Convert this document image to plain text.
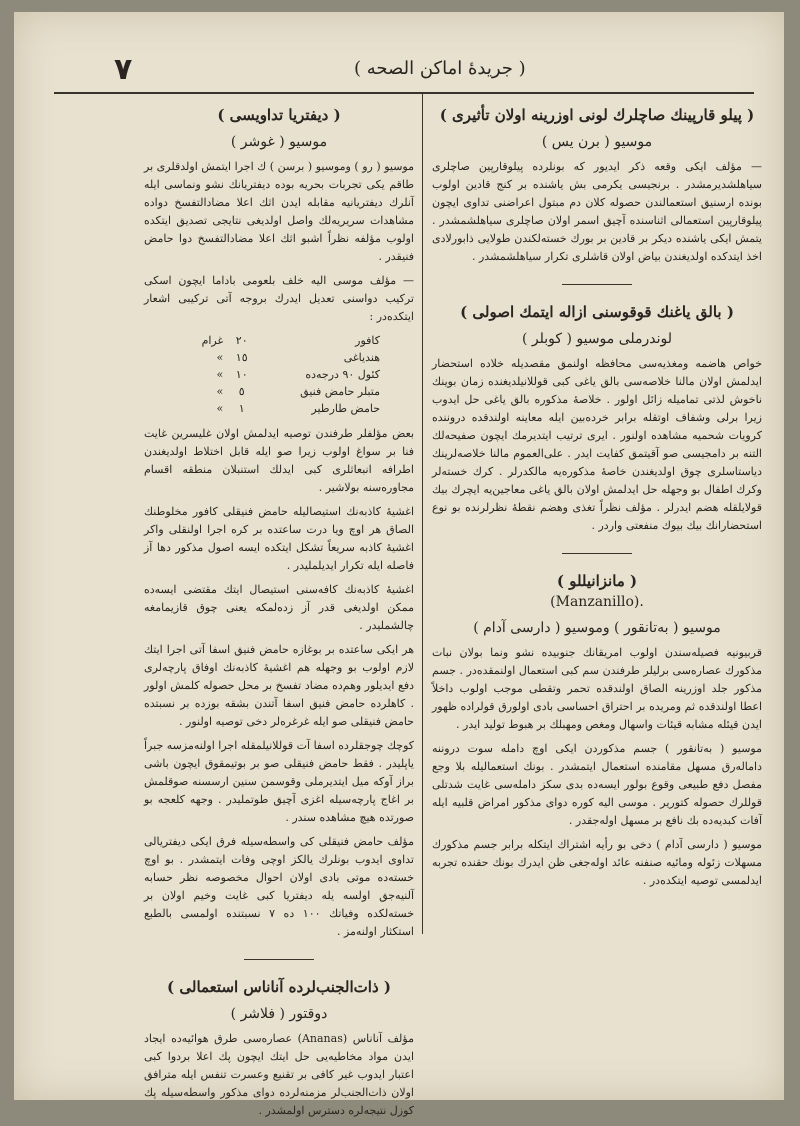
۷	( جریدۀ اماكن الصحه )
( پیلو قارپینك صاچلرك لونی اوزرینه اولان تأثیری )
موسیو ( برن یس )

— مؤلف ایكی وقعه ذكر ایدیور كه بونلرده پیلوقارپین صاچلری سیاهلشدیرمشدر . برنجیسی یكرمی بش یاشنده بر كنج قادین اولوب بونده ارسنیق استعمالندن حصوله كلان دم مبتول اعراضنی تداوی ایچون پیلوقارپین استعمالی اثناسنده آچیق اسمر اولان صاچلری سیاهلشمشدر . یتمش ایكی یاشنده دیكر بر قادین بر بورك خسته‌لكندن طولایی ذابورلادی اخذ ایتدكده اولدیغندن بیاض اولان قاشلری تكرار سیاهلشمشدر .

( بالق یاغنك قوقوسنی ازاله ایتمك اصولی )
لوندرملی موسیو ( كوبلر )

خواص هاضمه ومغذیه‌سی محافظه اولنمق مقصدیله خلاده استحضار ایدلمش اولان مالنا خلاصه‌سی بالق یاغی كبی قوللانیلدیغنده زمان بوینك ناخوش لذتی تماميله زائل اولور . خلاصهٔ مذكوره بالق یاغی حل ایدوب زیرا برلی وشفاف اوتقله برابر خرده‌بین ایله معاینه اولندقده دروننده كرویات شحمیه مشاهده اولنور . ایری ترتیب ایتدیرمك ایچون صفیحه‌لك التنه بر دامجیسی صو آقیتمق كفایت ایدر . علی‌العموم مالنا خلاصه‌لرینك دیاستاسلری چوق اولدیغندن خاصهٔ مذكوره‌یه مالكدرلر . كرك خسته‌لر وكرك اطفال بو وجهله حل ایدلمش اولان بالق یاغی معاجین‌یه ایچرك بیك قولایلقله هضم ایدرلر . مؤلف نظراً تغذی وهضم نقطهٔ نظرلرنده بو نوع استحضارانك بیك بیوك منفعتی واردر .

( مانزانیللو )
(Manzanillo).
موسیو ( بەتانقور ) وموسیو ( دارسی آدام )

قربیونیه فصیله‌سندن اولوب امریقانك جنوبیده نشو ونما بولان نبات مذكورك عصاره‌سی برلیلر طرفندن سم كبی استعمال اولنمقده‌در . جسم مذكور جلد اوزرینه الصاق اولندقده تحمر وتقطی موجب اولوب داخلاً اعطا اولندقده ثم ومریده بر احتراق احساسی بادی اولورق قولراده ظهور ایدن قیئله مشابه قیئات واسهال ومغص ومهبلك بر هبوط تولید ایدر .

موسیو ( بەتانقور ) جسم مذكوردن ایكی اوچ دامله سوت دروننه داماله‌رق مسهل مقامنده استعمال ایتمشدر . بونك استعمالیله بلا وجع مفصل دفع طبیعی وقوع بولور ایسه‌ده بدی سكز دامله‌سی غایت شدتلی قوللرك حصوله كتوریر . موسی الیه كوره دوای مذكور امراض قلبیه ایله آفات كبدیه‌ده بك نافع بر مسهل اوله‌جقدر .

موسیو ( دارسی آدام ) دخی بو رأیه اشتراك ایتكله برابر جسم مذكورك مسهلات زئوله ومائیه صنفنه عائد اوله‌جغی ظن ایدرك بونك حقنده تجربه ایدلمسی توصیه ایتكده‌در .

( دیفتریا تداویسی )
موسیو ( غوشر )

موسیو ( رو ) وموسیو ( برسن ) ك اجرا ایتمش اولدقلری بر طاقم یكی تجربات بحریه بوده دیفتریانك نشو ونماسی ایله آنلرك دیفتریانیه مقابله ایدن اثك اعلا مضادالتفسخ دواده مشاهدات سریریه‌لك واصل اولدیغی نتایجی تصدیق ایتكده اولوب مؤلفه نظراً اشبو اثك اعلا مضادالتفسخ دوا حامض فنیقدر .

— مؤلف موسی الیه خلف بلعومی باداما ایچون اسكی تركیب دواسنی تعدیل ایدرك بروجه آتی تركیبی اشعار ایتكده‌در :

كافور	٢٠	غرام
هندیاغی	١٥	»
كئول ٩٠ درجه‌ده	١٠	»
متبلر حامض فنیق	٥	»
حامض طارطیر	١	»

بعض مؤلفلر طرفندن توصیه ایدلمش اولان غلیسرین غایت فنا بر سواغ اولوب زیرا صو ایله قابل اختلاط اولدیغندن اطرافه انبعاثلری كبی ایدلك استنبلان منطقه اقسام مجاوره‌سنه بولاشیر .

اغشیهٔ كاذبه‌نك استیصالیله حامض فنیقلی كافور مخلوطنك الصاق هر اوچ ویا درت ساعتده بر كره اجرا اولنقلی واكر اغشیهٔ كاذبه سریعاً تشكل ایتكده ایسه اصول مذكور دها آز فاصله ایله تكرار ایدیلملیدر .

اغشیهٔ كاذبه‌نك كافه‌سنی استیصال ایتك مقتضی ایسه‌ده ممكن اولدیغی قدر آز زده‌لمكه یعنی چوق قازیمامغه چالشملیدر .

هر ایكی ساعتده بر بوغازه حامض فنیق اسفا آتی اجرا ایتك لازم اولوب بو وجهله هم اغشیهٔ كاذبه‌نك اوفاق پارچه‌لری دفع ایدیلور وهم‌ده مضاد تفسخ بر محل حصوله كلمش اولور . كاهلرده حامض فنیق اسفا آتندن بشقه بوزده بر نسبتده حامض فنیقلی صو ایله غرغره‌لر دخی توصیه اولنور .

كوچك چوجقلرده اسفا آت قوللانیلمقله اجرا اولنه‌مزسه جبراً یاپلیدر . فقط حامض فنیقلی صو بر بوتیمقوق ایچون باشی براز آوكه میل ایتدیرملی وقوسمن سنین ارسسنه صوقلمش بر اغاج پارچه‌سیله اغزی آچیق طوتملیدر . وجهه كلعجه بو صورتده هیچ مشاهده سندر .

مؤلف حامض فنیقلی كی واسطه‌سیله فرق ایكی دیفتریالی تداوی ایدوب بونلرك یالكز اوچی وفات ایتمشدر . بو اوچ خسته‌ده موتی بادی اولان احوال مخصوصه نظر حسابه آلنیه‌جق اولسه یله دیفتریا كبی غایت وخیم اولان بر خسته‌لكده وفیاتك ١٠٠ ده ٧ نسبتنده اولمسی بالطبع استكثار اولنه‌مز .

( ذات‌الجنب‌لرده آناناس استعمالی )
دوقتور ( فلاشر )

مؤلف آناناس (Ananas) عصاره‌سی طرق هوائیه‌ده ایجاد ایدن مواد مخاطیه‌یی حل ایتك ایچون پك اعلا بردوا كبی اعتبار ایدوب غیر كافی بر تقنیع وعسرت تنفس ایله مترافق اولان ذات‌الجنب‌لر مزمنه‌لرده دوای مذكور واسطه‌سیله پك كوزل نتیجه‌لره دسترس اولمشدر .
